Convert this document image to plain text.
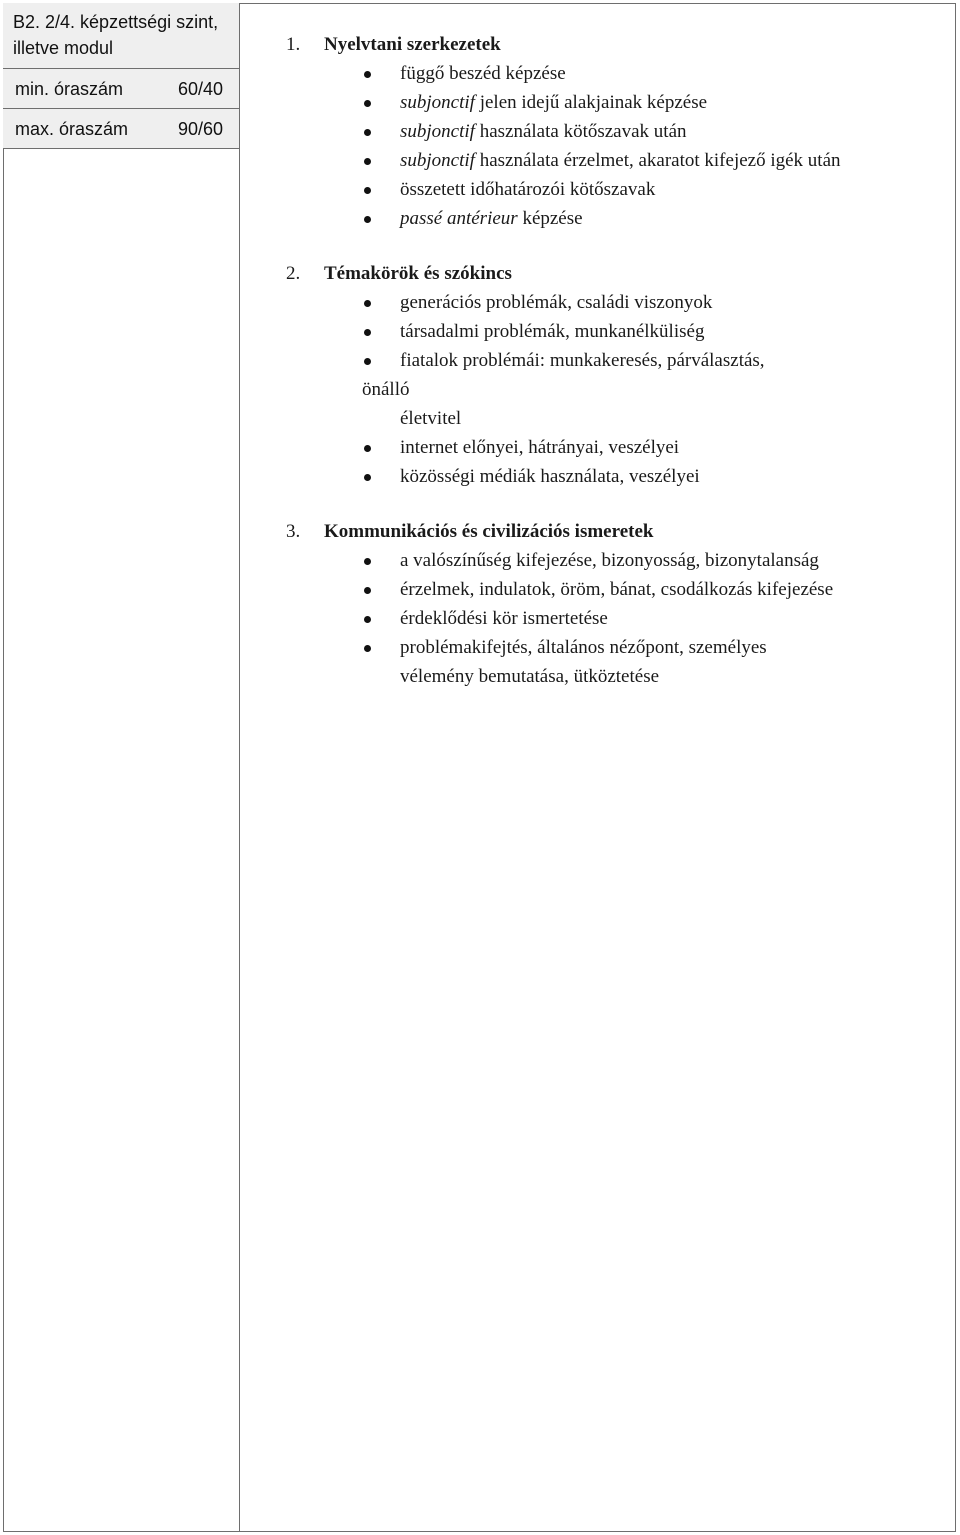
B2. 2/4. képzettségi szint, illetve modul
min. óraszám	60/40
max. óraszám	90/60
1.	Nyelvtani szerkezetek
függő beszéd képzése
subjonctif jelen idejű alakjainak képzése
subjonctif használata kötőszavak után
subjonctif használata érzelmet, akaratot kifejező igék után
összetett időhatározói kötőszavak
passé antérieur képzése
2.	Témakörök és szókincs
generációs problémák, családi viszonyok
társadalmi problémák, munkanélküliség
fiatalok problémái: munkakeresés, párválasztás,
önálló
életvitel
internet előnyei, hátrányai, veszélyei
közösségi médiák használata, veszélyei
3.	Kommunikációs és civilizációs ismeretek
a valószínűség kifejezése, bizonyosság, bizonytalanság
érzelmek, indulatok, öröm, bánat, csodálkozás kifejezése
érdeklődési kör ismertetése
problémakifejtés, általános nézőpont, személyes
vélemény bemutatása, ütköztetése
